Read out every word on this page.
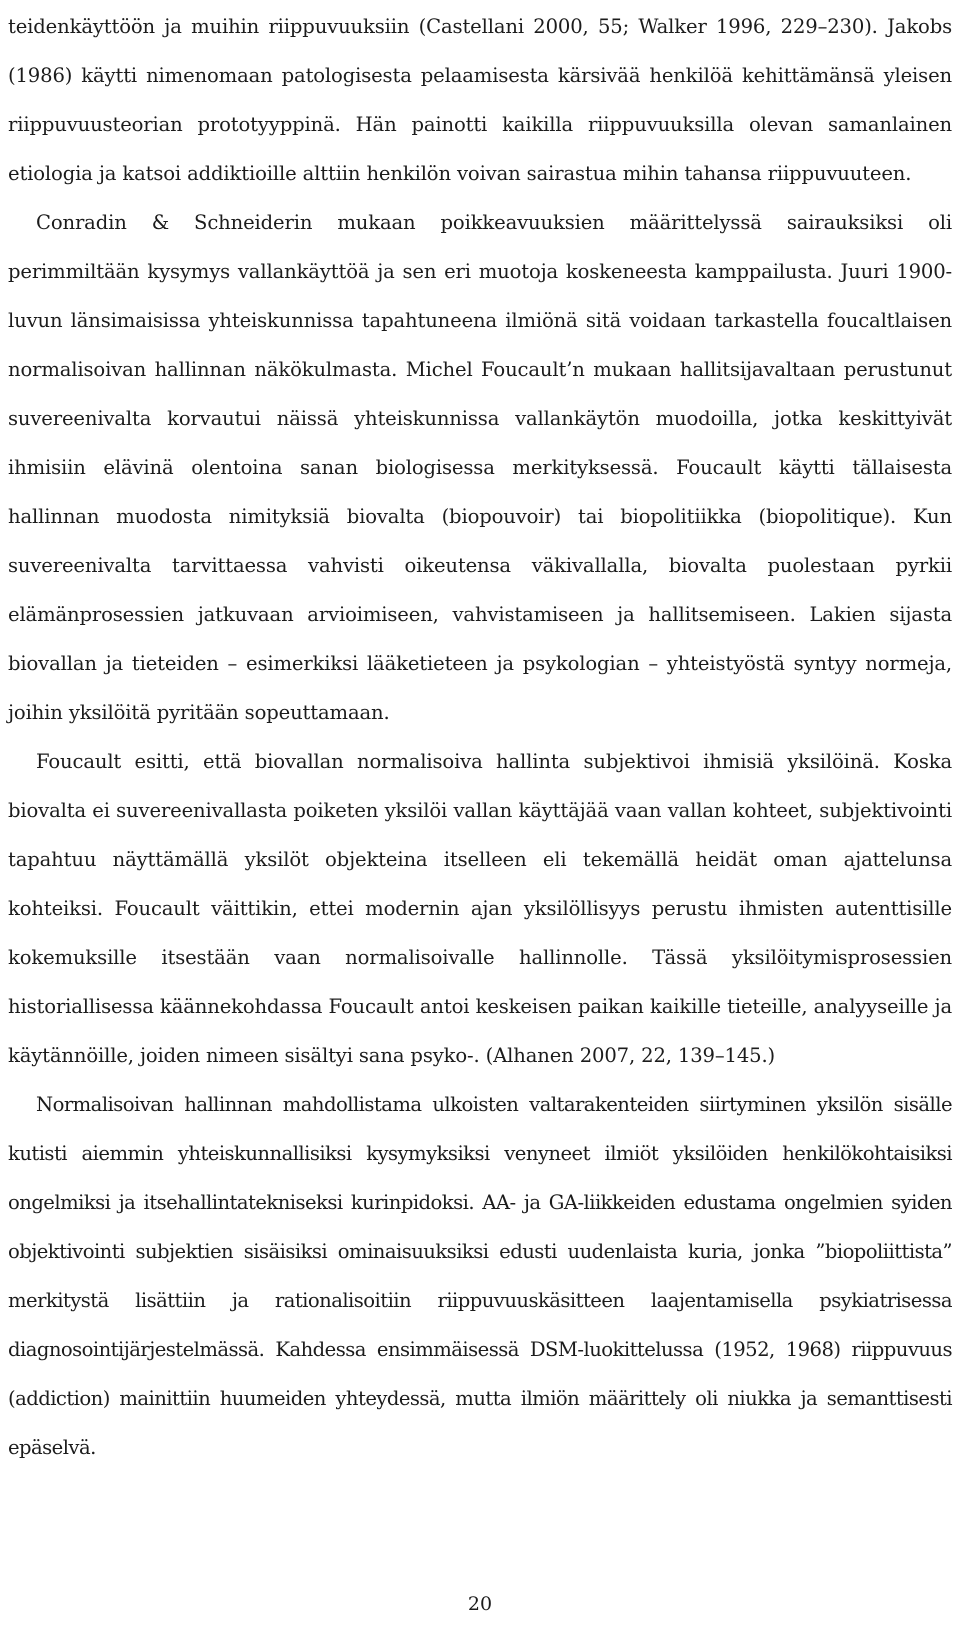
teidenkäyttöön ja muihin riippuvuuksiin (Castellani 2000, 55; Walker 1996, 229–230). Jakobs (1986) käytti nimenomaan patologisesta pelaamisesta kärsivää henkilöä kehittämänsä yleisen riippuvuusteorian prototyyppinä. Hän painotti kaikilla riippuvuuksilla olevan samanlainen etiologia ja katsoi addiktioille alttiin henkilön voivan sairastua mihin tahansa riippuvuuteen.

Conradin & Schneiderin mukaan poikkeavuuksien määrittelyssä sairauksiksi oli perimmiltään kysymys vallankäyttöä ja sen eri muotoja koskeneesta kamppailusta. Juuri 1900-luvun länsimaisissa yhteiskunnissa tapahtuneena ilmiönä sitä voidaan tarkastella foucaltlaisen normalisoivan hallinnan näkökulmasta. Michel Foucault’n mukaan hallitsijavaltaan perustunut suvereenivalta korvautui näissä yhteiskunnissa vallankäytön muodoilla, jotka keskittyivät ihmisiin elävinä olentoina sanan biologisessa merkityksessä. Foucault käytti tällaisesta hallinnan muodosta nimityksiä biovalta (biopouvoir) tai biopolitiikka (biopolitique). Kun suvereenivalta tarvittaessa vahvisti oikeutensa väkivallalla, biovalta puolestaan pyrkii elämänprosessien jatkuvaan arvioimiseen, vahvistamiseen ja hallitsemiseen. Lakien sijasta biovallan ja tieteiden – esimerkiksi lääketieteen ja psykologian – yhteistyöstä syntyy normeja, joihin yksilöitä pyritään sopeuttamaan.

Foucault esitti, että biovallan normalisoiva hallinta subjektivoi ihmisiä yksilöinä. Koska biovalta ei suvereenivallasta poiketen yksilöi vallan käyttäjää vaan vallan kohteet, subjektivointi tapahtuu näyttämällä yksilöt objekteina itselleen eli tekemällä heidät oman ajattelunsa kohteiksi. Foucault väittikin, ettei modernin ajan yksilöllisyys perustu ihmisten autenttisille kokemuksille itsestään vaan normalisoivalle hallinnolle. Tässä yksilöitymisprosessien historiallisessa käännekohdassa Foucault antoi keskeisen paikan kaikille tieteille, analyyseille ja käytännöille, joiden nimeen sisältyi sana psyko-. (Alhanen 2007, 22, 139–145.)

Normalisoivan hallinnan mahdollistama ulkoisten valtarakenteiden siirtyminen yksilön sisälle kutisti aiemmin yhteiskunnallisiksi kysymyksiksi venyneet ilmiöt yksilöiden henkilökohtaisiksi ongelmiksi ja itsehallintatekniseksi kurinpidoksi. AA- ja GA-liikkeiden edustama ongelmien syiden objektivointi subjektien sisäisiksi ominaisuuksiksi edusti uudenlaista kuria, jonka ”biopoliittista” merkitystä lisättiin ja rationalisoitiin riippuvuuskäsitteen laajentamisella psykiatrisessa diagnosointijärjestelmässä. Kahdessa ensimmäisessä DSM-luokittelussa (1952, 1968) riippuvuus (addiction) mainittiin huumeiden yhteydessä, mutta ilmiön määrittely oli niukka ja semanttisesti epäselvä.

20
